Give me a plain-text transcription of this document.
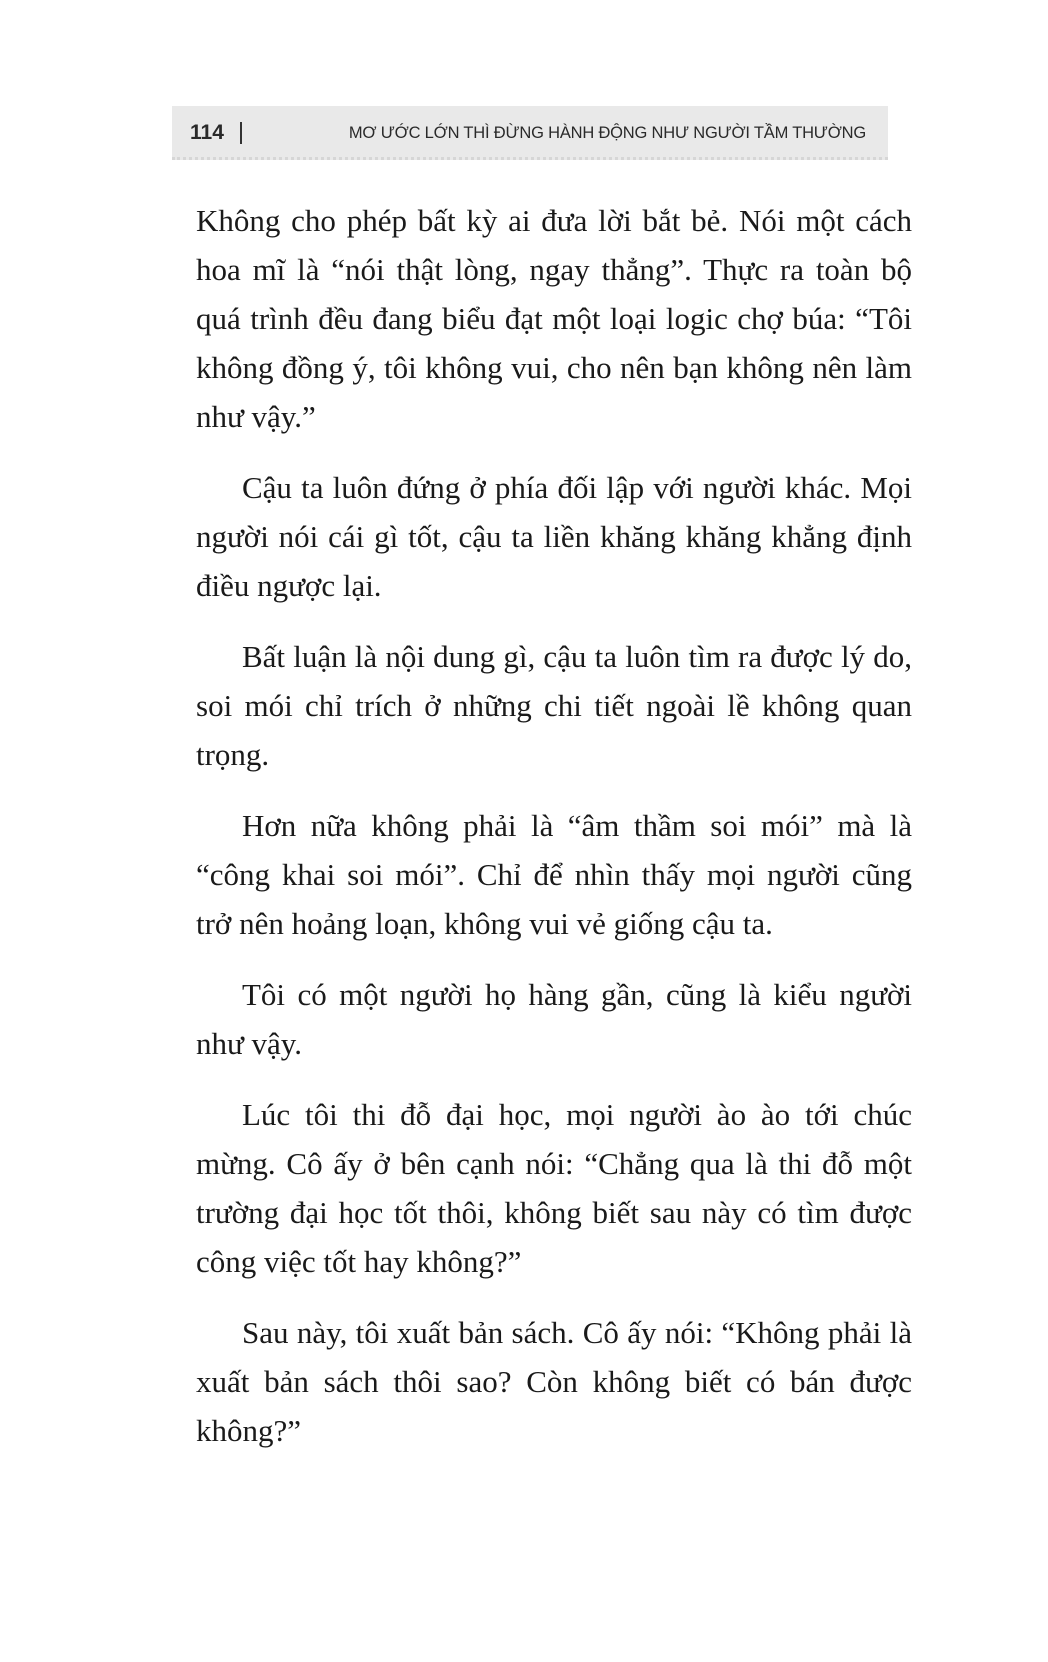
114	MƠ ƯỚC LỚN THÌ ĐỪNG HÀNH ĐỘNG NHƯ NGƯỜI TẦM THƯỜNG

Không cho phép bất kỳ ai đưa lời bắt bẻ. Nói một cách hoa mĩ là “nói thật lòng, ngay thẳng”. Thực ra toàn bộ quá trình đều đang biểu đạt một loại logic chợ búa: “Tôi không đồng ý, tôi không vui, cho nên bạn không nên làm như vậy.”

Cậu ta luôn đứng ở phía đối lập với người khác. Mọi người nói cái gì tốt, cậu ta liền khăng khăng khẳng định điều ngược lại.

Bất luận là nội dung gì, cậu ta luôn tìm ra được lý do, soi mói chỉ trích ở những chi tiết ngoài lề không quan trọng.

Hơn nữa không phải là “âm thầm soi mói” mà là “công khai soi mói”. Chỉ để nhìn thấy mọi người cũng trở nên hoảng loạn, không vui vẻ giống cậu ta.

Tôi có một người họ hàng gần, cũng là kiểu người như vậy.

Lúc tôi thi đỗ đại học, mọi người ào ào tới chúc mừng. Cô ấy ở bên cạnh nói: “Chẳng qua là thi đỗ một trường đại học tốt thôi, không biết sau này có tìm được công việc tốt hay không?”

Sau này, tôi xuất bản sách. Cô ấy nói: “Không phải là xuất bản sách thôi sao? Còn không biết có bán được không?”
